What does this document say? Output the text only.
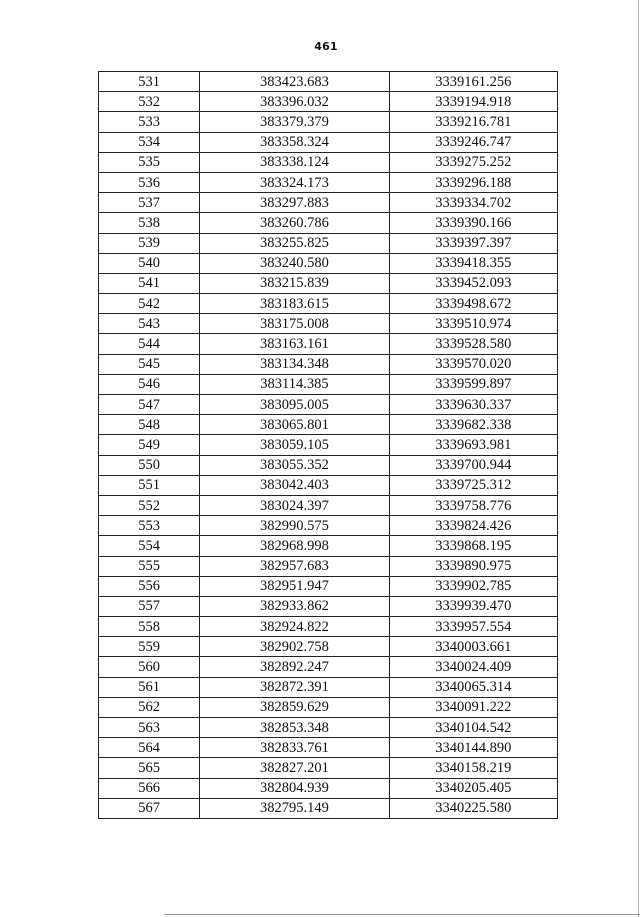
461
531	383423.683	3339161.256
532	383396.032	3339194.918
533	383379.379	3339216.781
534	383358.324	3339246.747
535	383338.124	3339275.252
536	383324.173	3339296.188
537	383297.883	3339334.702
538	383260.786	3339390.166
539	383255.825	3339397.397
540	383240.580	3339418.355
541	383215.839	3339452.093
542	383183.615	3339498.672
543	383175.008	3339510.974
544	383163.161	3339528.580
545	383134.348	3339570.020
546	383114.385	3339599.897
547	383095.005	3339630.337
548	383065.801	3339682.338
549	383059.105	3339693.981
550	383055.352	3339700.944
551	383042.403	3339725.312
552	383024.397	3339758.776
553	382990.575	3339824.426
554	382968.998	3339868.195
555	382957.683	3339890.975
556	382951.947	3339902.785
557	382933.862	3339939.470
558	382924.822	3339957.554
559	382902.758	3340003.661
560	382892.247	3340024.409
561	382872.391	3340065.314
562	382859.629	3340091.222
563	382853.348	3340104.542
564	382833.761	3340144.890
565	382827.201	3340158.219
566	382804.939	3340205.405
567	382795.149	3340225.580
